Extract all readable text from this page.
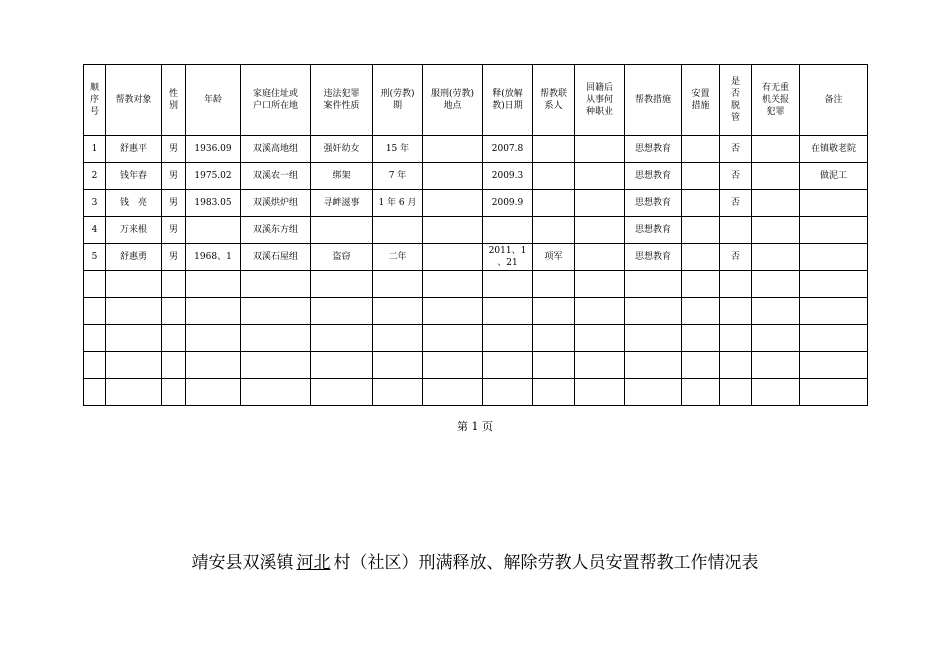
顺
序
号	帮教对象	性
别	年龄	家庭住址或
户口所在地	违法犯罪
案件性质	刑(劳教)
期	服刑(劳教)
地点	释(放解
教)日期	帮教联
系人	回籍后
从事何
种职业	帮教措施	安置
措施	是
否
脱
管	有无重
机关报
犯罪	备注
1	舒惠平	男	1936.09	双溪高地组	强奸幼女	15 年		2007.8			思想教育		否		在镇敬老院
2	钱年春	男	1975.02	双溪农一组	绑架	7 年		2009.3			思想教育		否		做泥工
3	钱　亮	男	1983.05	双溪烘炉组	寻衅滋事	1 年 6 月		2009.9			思想教育		否		
4	万来根	男		双溪东方组							思想教育				
5	舒惠勇	男	1968、1	双溪石屋组	盗窃	二年		2011、1
、21	项军		思想教育		否		

第 1 页
靖安县双溪镇 河北 村（社区）刑满释放、解除劳教人员安置帮教工作情况表
